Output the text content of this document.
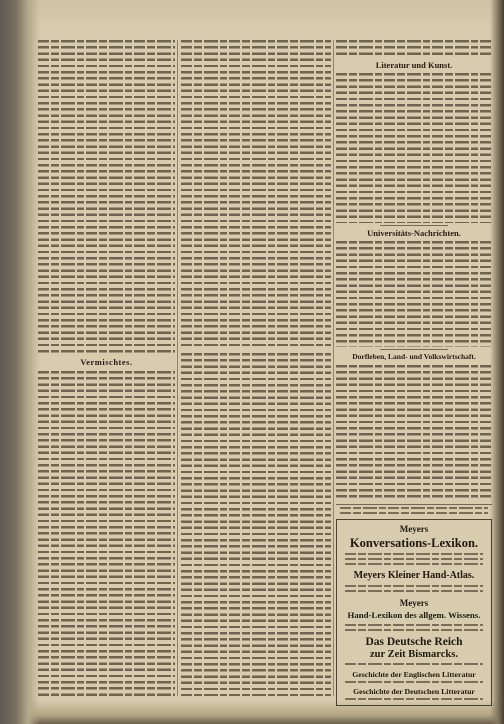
Vermischtes.
Literatur und Kunst.
Universitäts-Nachrichten.
Dorfleben, Land- und Volkswirtschaft.
Meyers
Konversations-Lexikon.
Meyers Kleiner Hand-Atlas.
Meyers
Hand-Lexikon des allgem. Wissens.
Das Deutsche Reich
zur Zeit Bismarcks.
Geschichte der Englischen Litteratur
Geschichte der Deutschen Litteratur
